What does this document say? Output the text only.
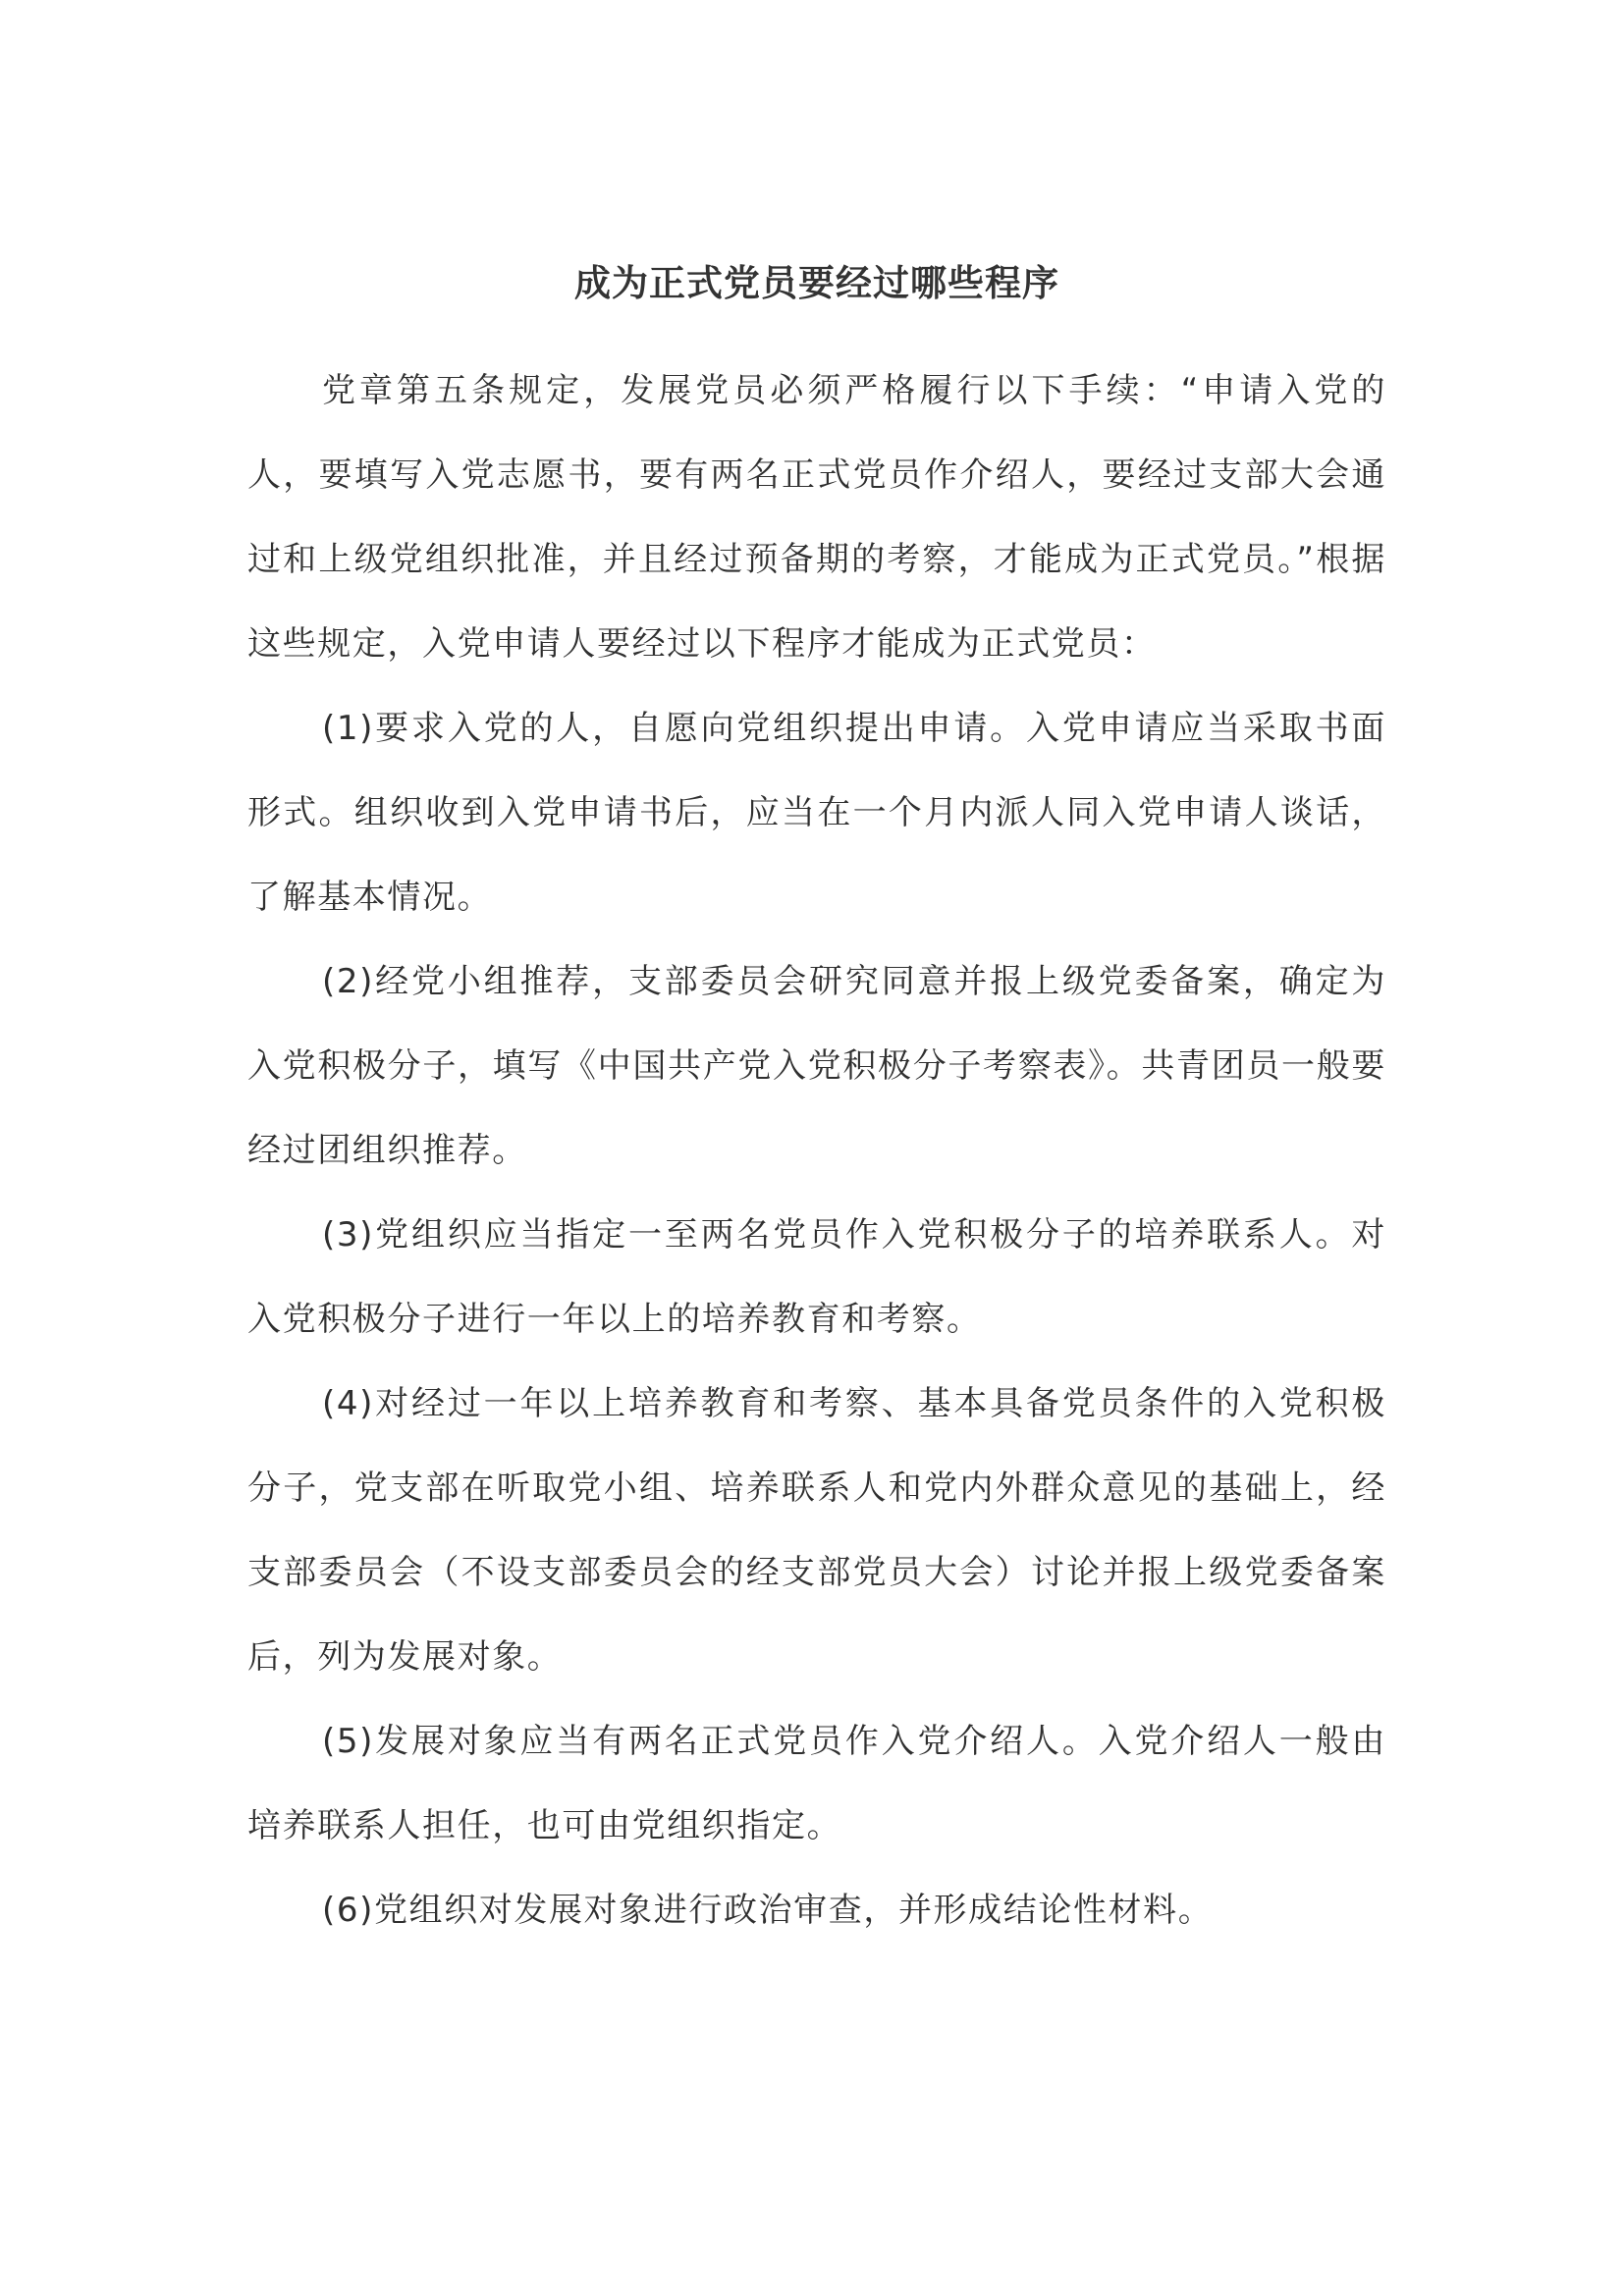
成为正式党员要经过哪些程序

党章第五条规定，发展党员必须严格履行以下手续：“申请入党的人，要填写入党志愿书，要有两名正式党员作介绍人，要经过支部大会通过和上级党组织批准，并且经过预备期的考察，才能成为正式党员。”根据这些规定，入党申请人要经过以下程序才能成为正式党员：

(1)要求入党的人，自愿向党组织提出申请。入党申请应当采取书面形式。组织收到入党申请书后，应当在一个月内派人同入党申请人谈话，了解基本情况。

(2)经党小组推荐，支部委员会研究同意并报上级党委备案，确定为入党积极分子，填写《中国共产党入党积极分子考察表》。共青团员一般要经过团组织推荐。

(3)党组织应当指定一至两名党员作入党积极分子的培养联系人。对入党积极分子进行一年以上的培养教育和考察。

(4)对经过一年以上培养教育和考察、基本具备党员条件的入党积极分子，党支部在听取党小组、培养联系人和党内外群众意见的基础上，经支部委员会（不设支部委员会的经支部党员大会）讨论并报上级党委备案后，列为发展对象。

(5)发展对象应当有两名正式党员作入党介绍人。入党介绍人一般由培养联系人担任，也可由党组织指定。

(6)党组织对发展对象进行政治审查，并形成结论性材料。
